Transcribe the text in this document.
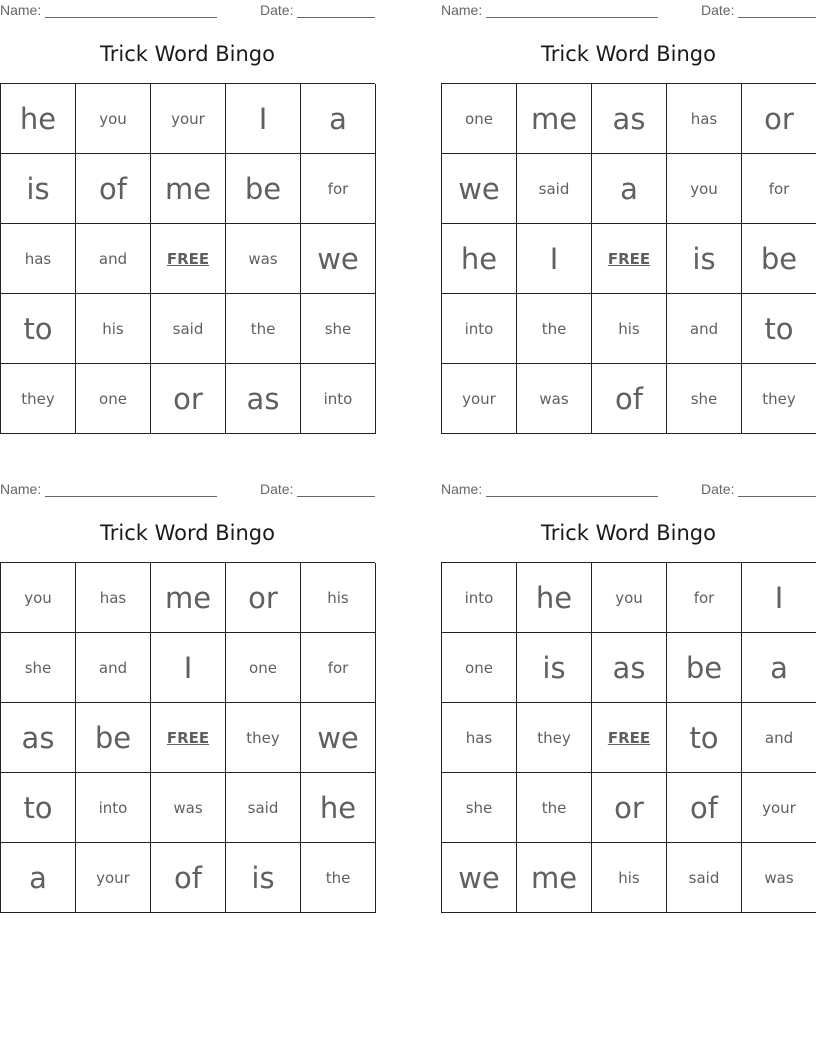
Name:	Date:
Trick Word Bingo
he	you	your	I	a
is	of	me	be	for
has	and	FREE	was	we
to	his	said	the	she
they	one	or	as	into
Name:	Date:
Trick Word Bingo
one	me	as	has	or
we	said	a	you	for
he	I	FREE	is	be
into	the	his	and	to
your	was	of	she	they
Name:	Date:
Trick Word Bingo
you	has	me	or	his
she	and	I	one	for
as	be	FREE	they	we
to	into	was	said	he
a	your	of	is	the
Name:	Date:
Trick Word Bingo
into	he	you	for	I
one	is	as	be	a
has	they	FREE	to	and
she	the	or	of	your
we	me	his	said	was
